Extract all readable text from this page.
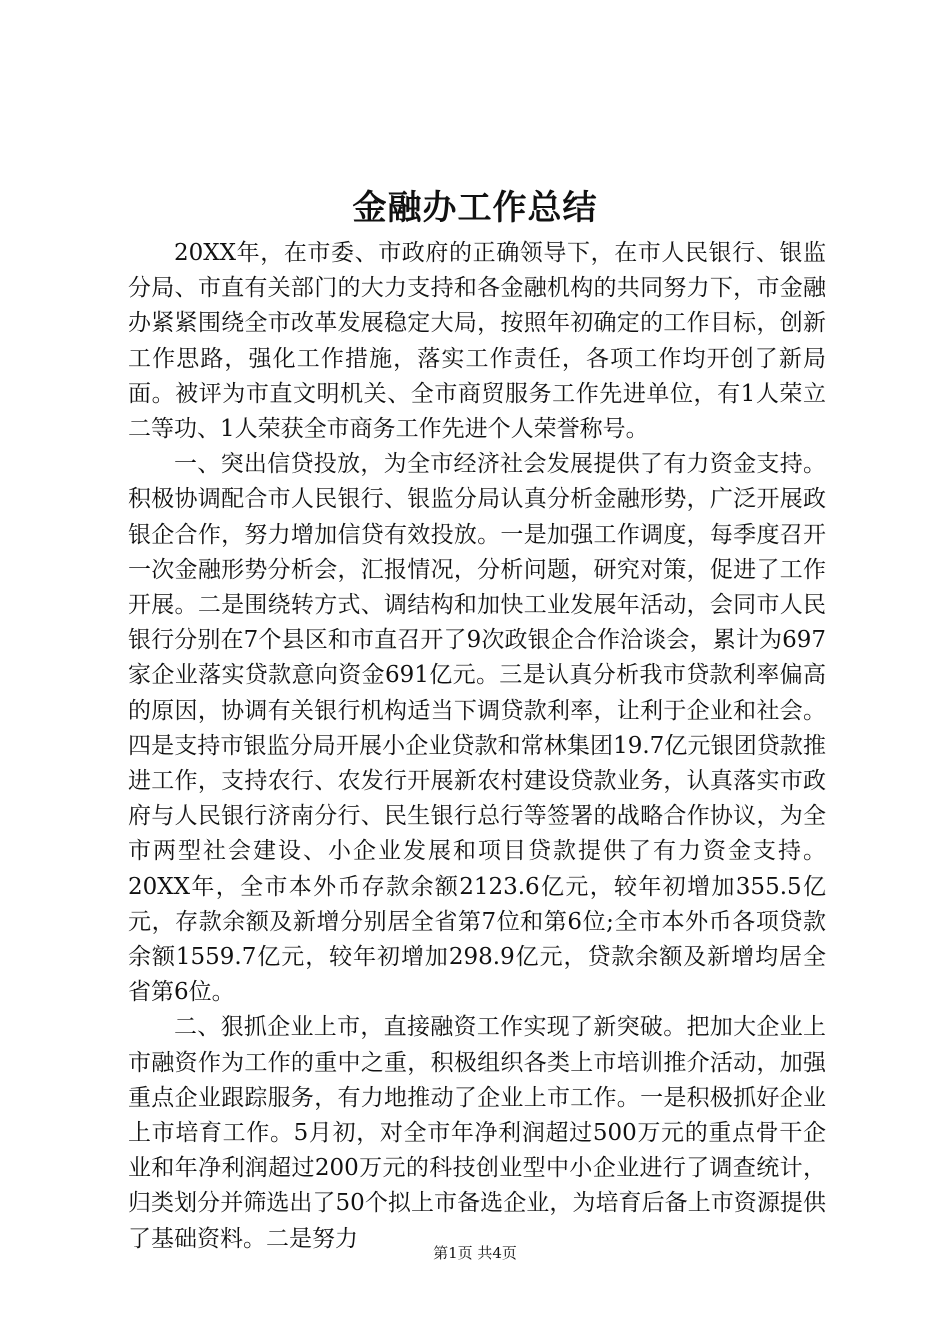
金融办工作总结

20XX年，在市委、市政府的正确领导下，在市人民银行、银监分局、市直有关部门的大力支持和各金融机构的共同努力下，市金融办紧紧围绕全市改革发展稳定大局，按照年初确定的工作目标，创新工作思路，强化工作措施，落实工作责任，各项工作均开创了新局面。被评为市直文明机关、全市商贸服务工作先进单位，有1人荣立二等功、1人荣获全市商务工作先进个人荣誉称号。

一、突出信贷投放，为全市经济社会发展提供了有力资金支持。积极协调配合市人民银行、银监分局认真分析金融形势，广泛开展政银企合作，努力增加信贷有效投放。一是加强工作调度，每季度召开一次金融形势分析会，汇报情况，分析问题，研究对策，促进了工作开展。二是围绕转方式、调结构和加快工业发展年活动，会同市人民银行分别在7个县区和市直召开了9次政银企合作洽谈会，累计为697家企业落实贷款意向资金691亿元。三是认真分析我市贷款利率偏高的原因，协调有关银行机构适当下调贷款利率，让利于企业和社会。四是支持市银监分局开展小企业贷款和常林集团19.7亿元银团贷款推进工作，支持农行、农发行开展新农村建设贷款业务，认真落实市政府与人民银行济南分行、民生银行总行等签署的战略合作协议，为全市两型社会建设、小企业发展和项目贷款提供了有力资金支持。20XX年，全市本外币存款余额2123.6亿元，较年初增加355.5亿元，存款余额及新增分别居全省第7位和第6位;全市本外币各项贷款余额1559.7亿元，较年初增加298.9亿元，贷款余额及新增均居全省第6位。

二、狠抓企业上市，直接融资工作实现了新突破。把加大企业上市融资作为工作的重中之重，积极组织各类上市培训推介活动，加强重点企业跟踪服务，有力地推动了企业上市工作。一是积极抓好企业上市培育工作。5月初，对全市年净利润超过500万元的重点骨干企业和年净利润超过200万元的科技创业型中小企业进行了调查统计，归类划分并筛选出了50个拟上市备选企业，为培育后备上市资源提供了基础资料。二是努力

第1页 共4页
